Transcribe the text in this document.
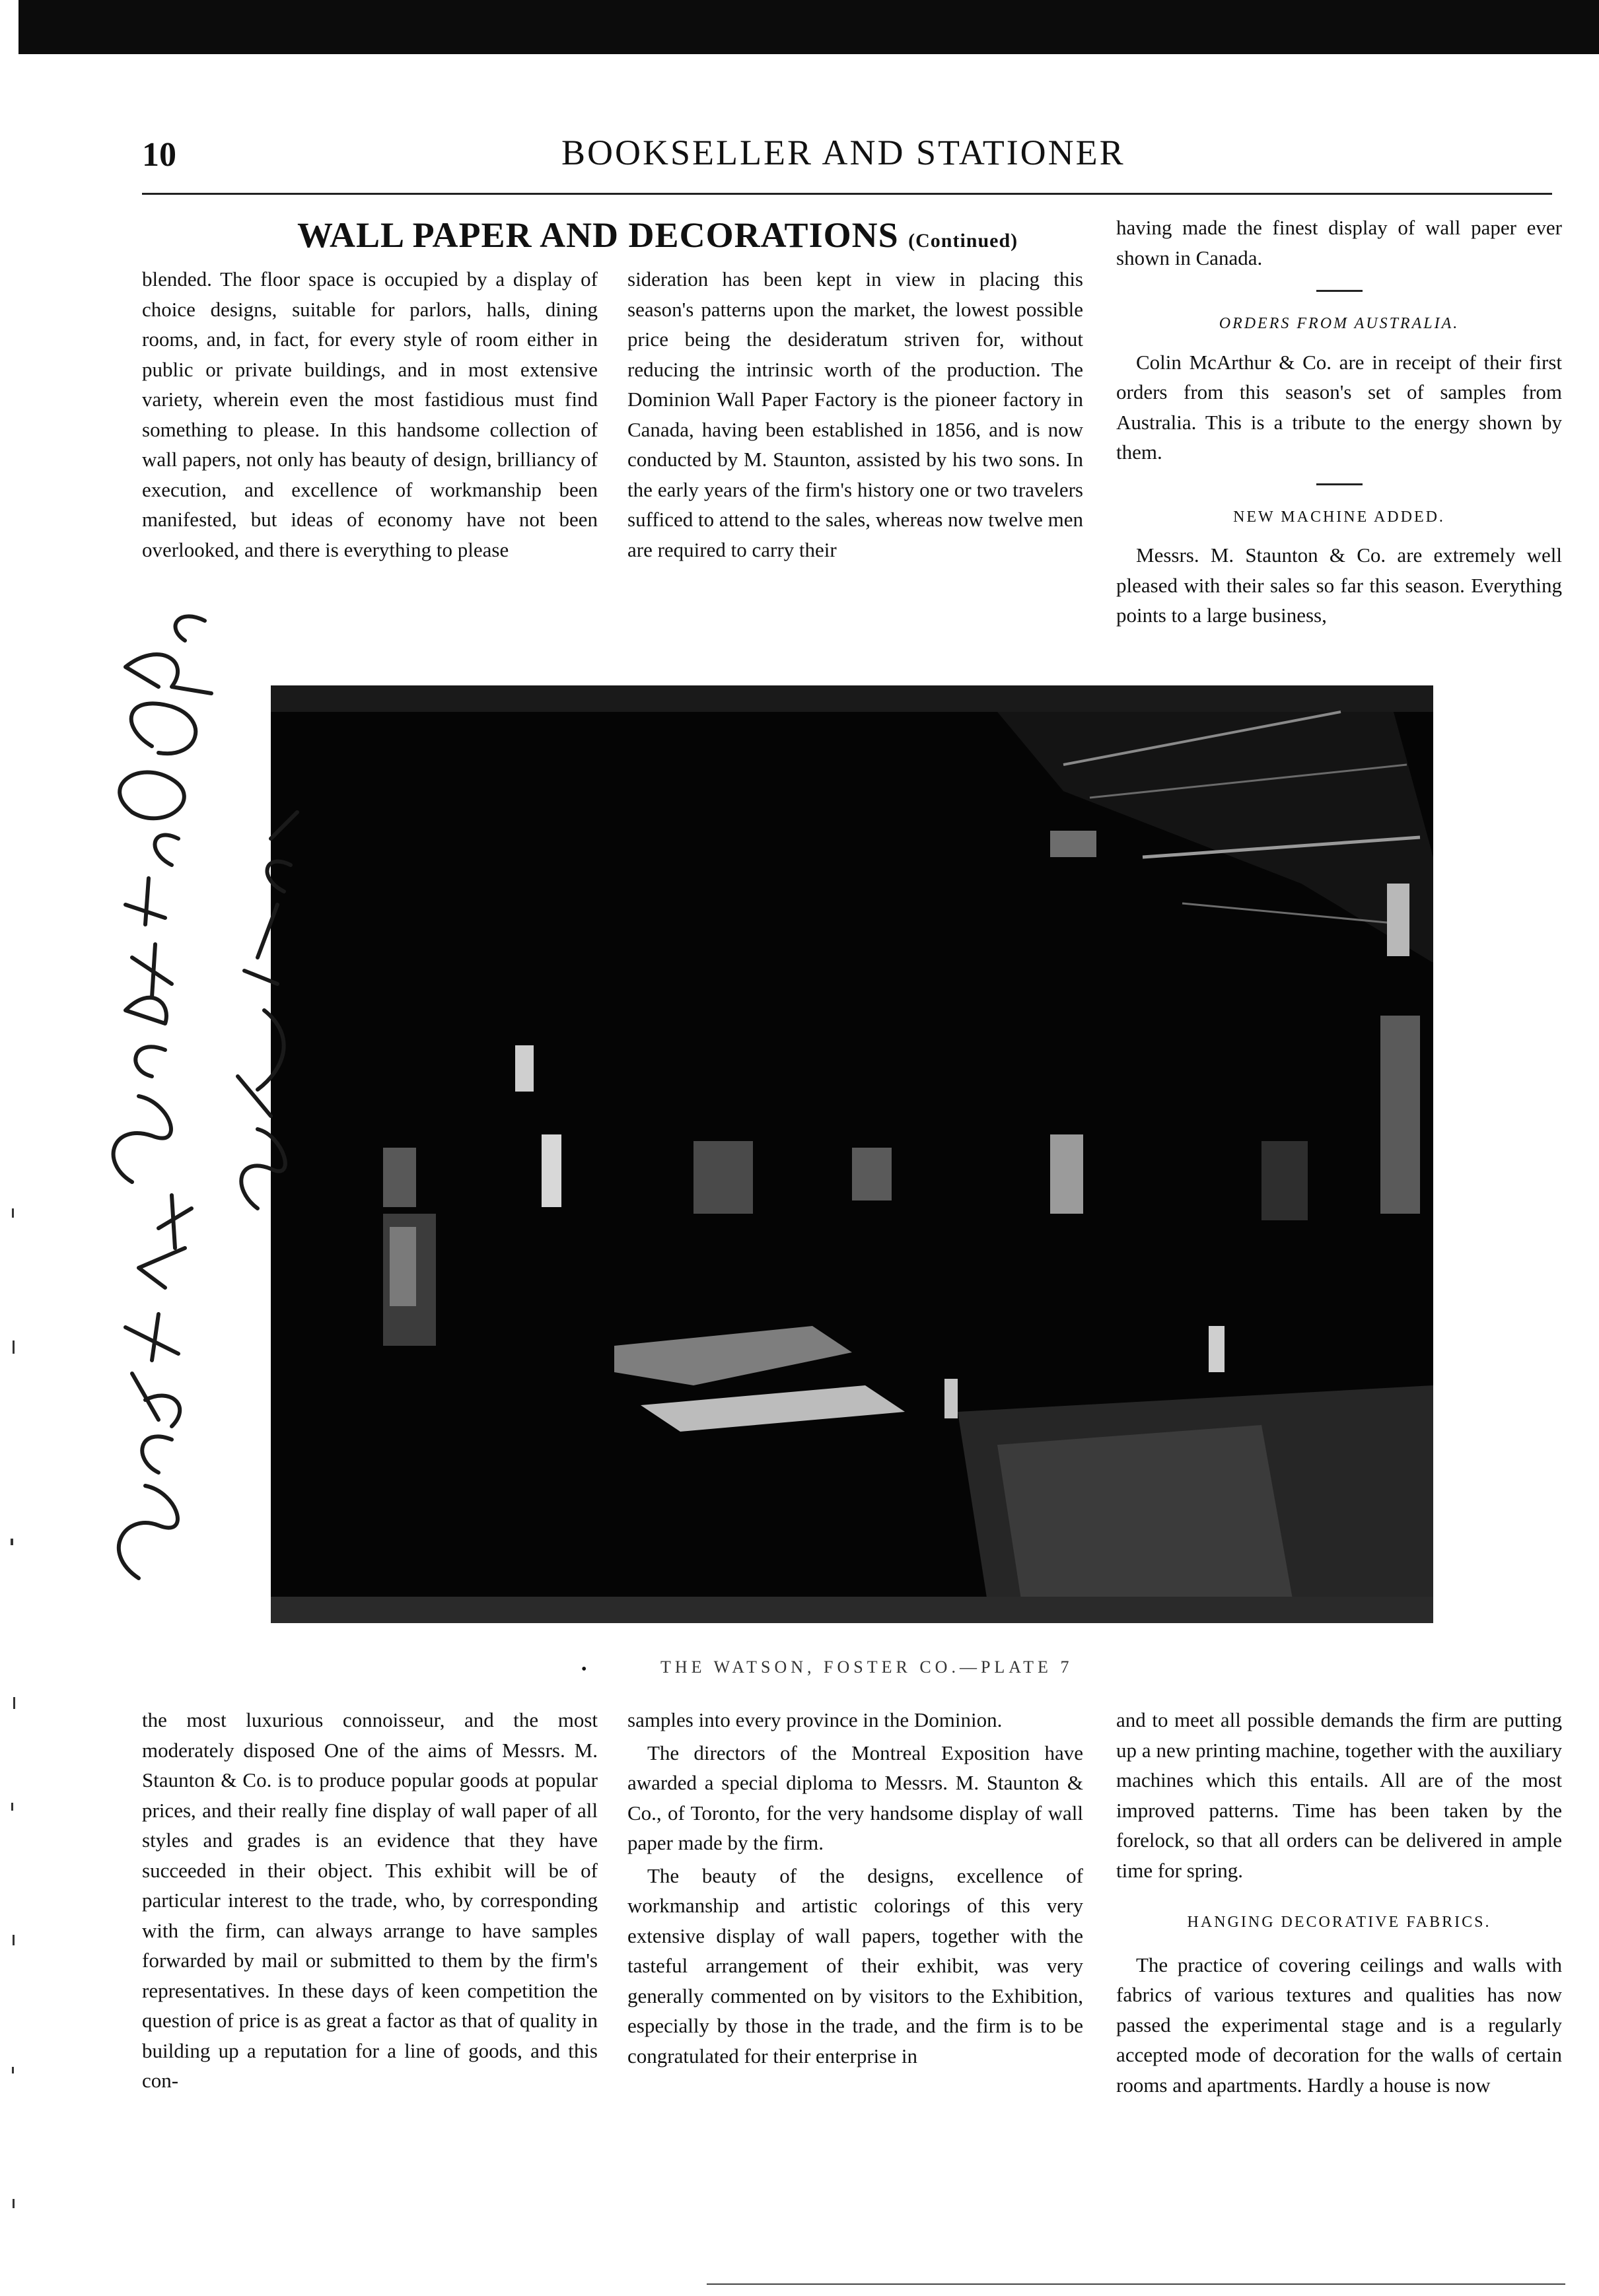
10	BOOKSELLER AND STATIONER
WALL PAPER AND DECORATIONS (Continued)

blended. The floor space is occupied by a display of choice designs, suitable for parlors, halls, dining rooms, and, in fact, for every style of room either in public or private buildings, and in most extensive variety, wherein even the most fastidious must find something to please. In this handsome collection of wall papers, not only has beauty of design, brilliancy of execution, and excellence of workmanship been manifested, but ideas of economy have not been overlooked, and there is everything to please

sideration has been kept in view in placing this season's patterns upon the market, the lowest possible price being the desideratum striven for, without reducing the intrinsic worth of the production. The Dominion Wall Paper Factory is the pioneer factory in Canada, having been established in 1856, and is now conducted by M. Staunton, assisted by his two sons. In the early years of the firm's history one or two travelers sufficed to attend to the sales, whereas now twelve men are required to carry their

having made the finest display of wall paper ever shown in Canada.

ORDERS FROM AUSTRALIA.

Colin McArthur & Co. are in receipt of their first orders from this season's set of samples from Australia. This is a tribute to the energy shown by them.

NEW MACHINE ADDED.

Messrs. M. Staunton & Co. are extremely well pleased with their sales so far this season. Everything points to a large business,

•	THE WATSON, FOSTER CO.—PLATE 7

the most luxurious connoisseur, and the most moderately disposed One of the aims of Messrs. M. Staunton & Co. is to produce popular goods at popular prices, and their really fine display of wall paper of all styles and grades is an evidence that they have succeeded in their object. This exhibit will be of particular interest to the trade, who, by corresponding with the firm, can always arrange to have samples forwarded by mail or submitted to them by the firm's representatives. In these days of keen competition the question of price is as great a factor as that of quality in building up a reputation for a line of goods, and this con-

samples into every province in the Dominion.

The directors of the Montreal Exposition have awarded a special diploma to Messrs. M. Staunton & Co., of Toronto, for the very handsome display of wall paper made by the firm.

The beauty of the designs, excellence of workmanship and artistic colorings of this very extensive display of wall papers, together with the tasteful arrangement of their exhibit, was very generally commented on by visitors to the Exhibition, especially by those in the trade, and the firm is to be congratulated for their enterprise in

and to meet all possible demands the firm are putting up a new printing machine, together with the auxiliary machines which this entails. All are of the most improved patterns. Time has been taken by the forelock, so that all orders can be delivered in ample time for spring.

HANGING DECORATIVE FABRICS.

The practice of covering ceilings and walls with fabrics of various textures and qualities has now passed the experimental stage and is a regularly accepted mode of decoration for the walls of certain rooms and apartments. Hardly a house is now
